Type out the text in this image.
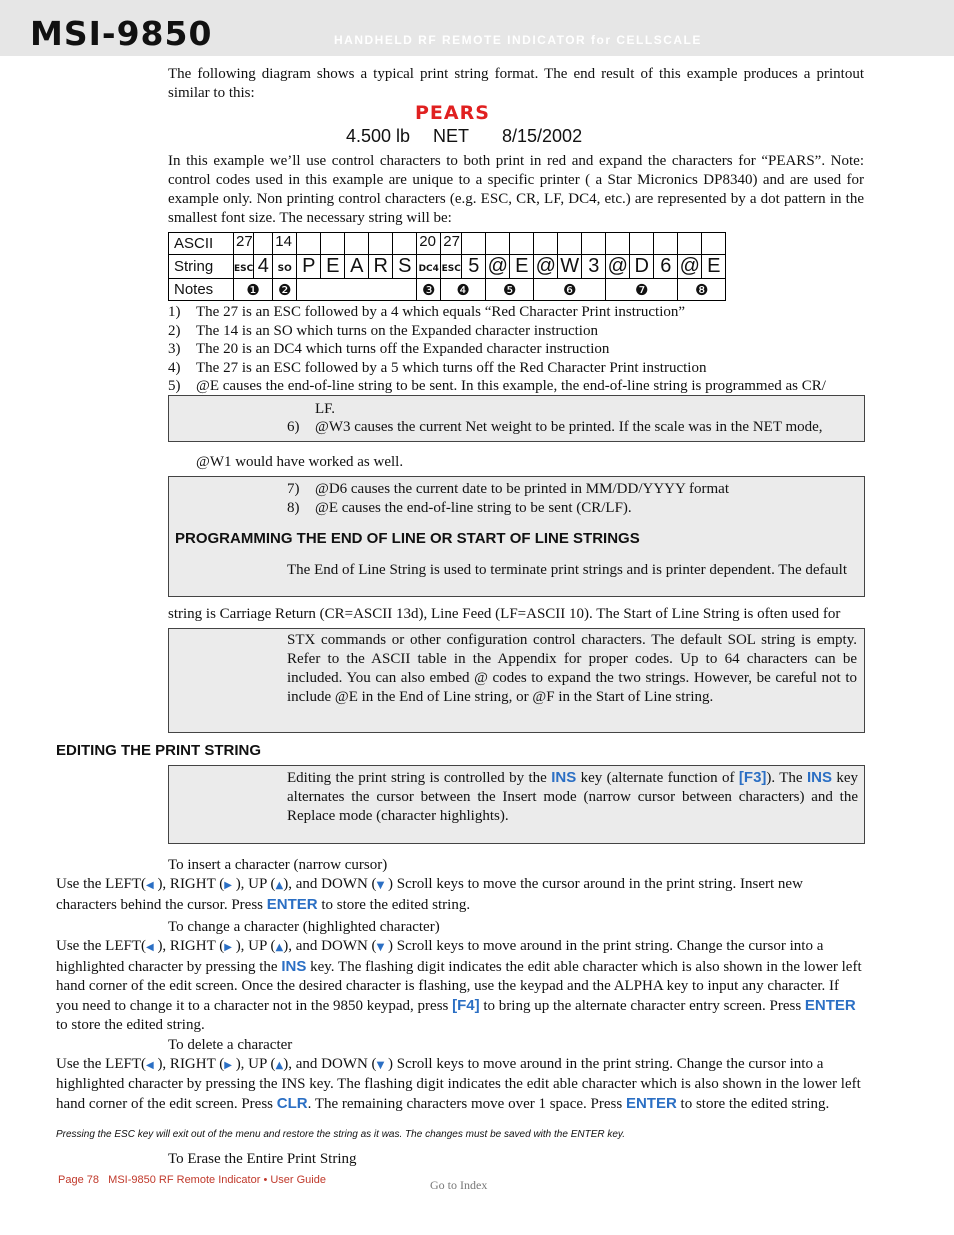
MSI-9850	HANDHELD RF REMOTE INDICATOR for CELLSCALE
The following diagram shows a typical print string format. The end result of this example produces a printout similar to this:
PEARS
4.500 lb NET 8/15/2002
In this example we’ll use control characters to both print in red and expand the characters for “PEARS”. Note: control codes used in this example are unique to a specific printer ( a Star Micronics DP8340) and are used for example only. Non printing control characters (e.g. ESC, CR, LF, DC4, etc.) are represented by a dot pattern in the smallest font size. The necessary string will be:
ASCII	27		14						20	27											
String	ESC	4	SO	P	E	A	R	S	DC4	ESC	5	@	E	@	W	3	@	D	6	@	E
Notes	❶		❷						❸	❹		❺		❻			❼			❽	
1) The 27 is an ESC followed by a 4 which equals “Red Character Print instruction”
2) The 14 is an SO which turns on the Expanded character instruction
3) The 20 is an DC4 which turns off the Expanded character instruction
4) The 27 is an ESC followed by a 5 which turns off the Red Character Print instruction
5) @E causes the end-of-line string to be sent. In this example, the end-of-line string is programmed as CR/
LF.
6) @W3 causes the current Net weight to be printed. If the scale was in the NET mode,
@W1 would have worked as well.
7) @D6 causes the current date to be printed in MM/DD/YYYY format
8) @E causes the end-of-line string to be sent (CR/LF).
PROGRAMMING THE END OF LINE OR START OF LINE STRINGS
The End of Line String is used to terminate print strings and is printer dependent. The default
string is Carriage Return (CR=ASCII 13d), Line Feed (LF=ASCII 10). The Start of Line String is often used for
STX commands or other configuration control characters. The default SOL string is empty. Refer to the ASCII table in the Appendix for proper codes. Up to 64 characters can be included. You can also embed @ codes to expand the two strings. However, be careful not to include @E in the End of Line string, or @F in the Start of Line string.
EDITING THE PRINT STRING
Editing the print string is controlled by the INS key (alternate function of [F3]). The INS key alternates the cursor between the Insert mode (narrow cursor between characters) and the Replace mode (character highlights).
To insert a character (narrow cursor)
Use the LEFT(◀ ), RIGHT (▶ ), UP (▲), and DOWN (▼ ) Scroll keys to move the cursor around in the print string. Insert new characters behind the cursor. Press ENTER to store the edited string.
To change a character (highlighted character)
Use the LEFT(◀ ), RIGHT (▶ ), UP (▲), and DOWN (▼ ) Scroll keys to move around in the print string. Change the cursor into a highlighted character by pressing the INS key. The flashing digit indicates the edit able character which is also shown in the lower left hand corner of the edit screen. Once the desired character is flashing, use the keypad and the ALPHA key to input any character. If you need to change it to a character not in the 9850 keypad, press [F4] to bring up the alternate character entry screen. Press ENTER to store the edited string.
To delete a character
Use the LEFT(◀ ), RIGHT (▶ ), UP (▲), and DOWN (▼ ) Scroll keys to move around in the print string. Change the cursor into a highlighted character by pressing the INS key. The flashing digit indicates the edit able character which is also shown in the lower left hand corner of the edit screen. Press CLR. The remaining characters move over 1 space. Press ENTER to store the edited string.
Pressing the ESC key will exit out of the menu and restore the string as it was. The changes must be saved with the ENTER key.
To Erase the Entire Print String
Page 78 MSI-9850 RF Remote Indicator • User Guide	Go to Index
